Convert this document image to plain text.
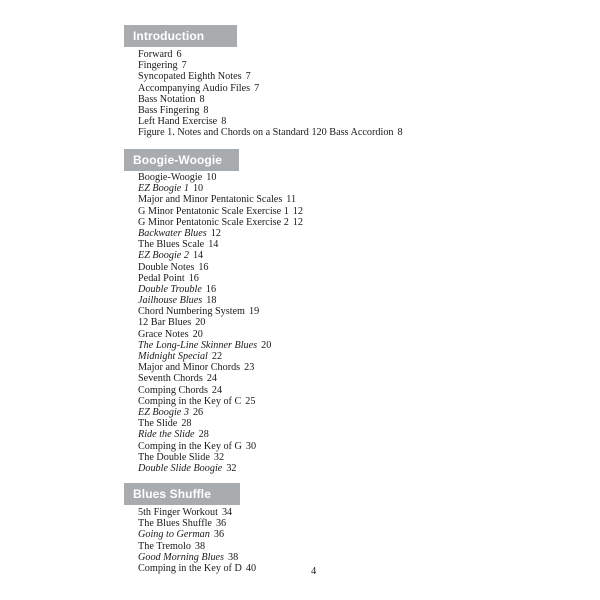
Introduction
Forward 6
Fingering 7
Syncopated Eighth Notes 7
Accompanying Audio Files 7
Bass Notation 8
Bass Fingering 8
Left Hand Exercise 8
Figure 1. Notes and Chords on a Standard 120 Bass Accordion 8
Boogie-Woogie
Boogie-Woogie 10
EZ Boogie 1 10
Major and Minor Pentatonic Scales 11
G Minor Pentatonic Scale Exercise 1 12
G Minor Pentatonic Scale Exercise 2 12
Backwater Blues 12
The Blues Scale 14
EZ Boogie 2 14
Double Notes 16
Pedal Point 16
Double Trouble 16
Jailhouse Blues 18
Chord Numbering System 19
12 Bar Blues 20
Grace Notes 20
The Long-Line Skinner Blues 20
Midnight Special 22
Major and Minor Chords 23
Seventh Chords 24
Comping Chords 24
Comping in the Key of C 25
EZ Boogie 3 26
The Slide 28
Ride the Slide 28
Comping in the Key of G 30
The Double Slide 32
Double Slide Boogie 32
Blues Shuffle
5th Finger Workout 34
The Blues Shuffle 36
Going to German 36
The Tremolo 38
Good Morning Blues 38
Comping in the Key of D 40	4
